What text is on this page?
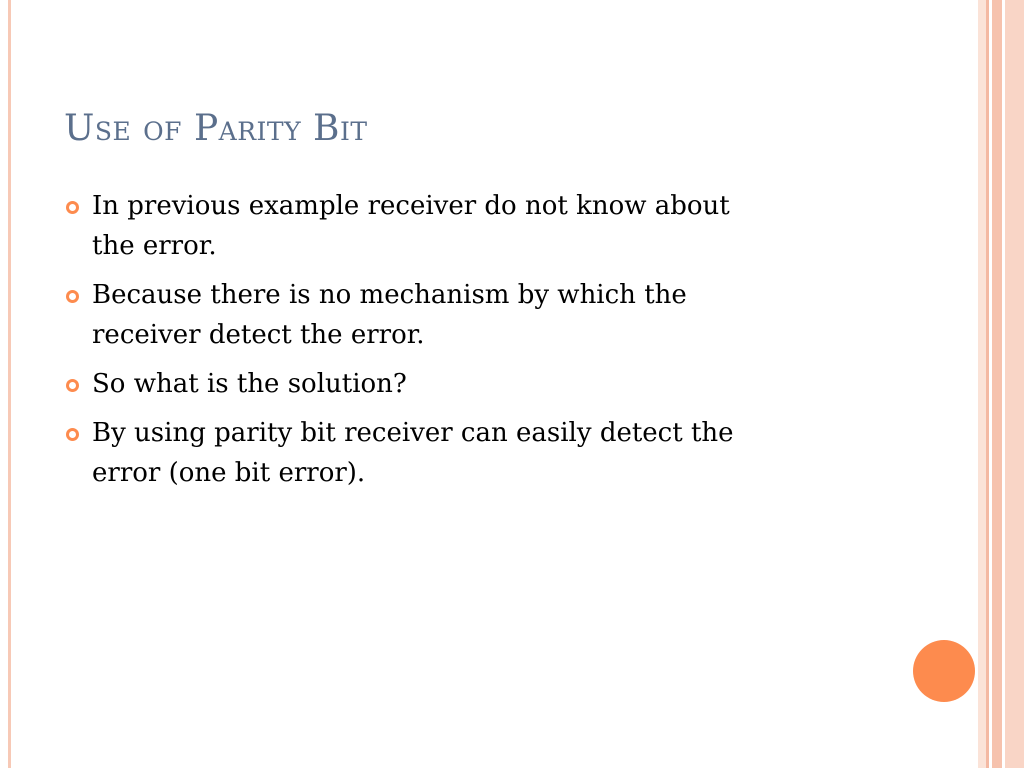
Use of Parity Bit
In previous example receiver do not know about
the error.
Because there is no mechanism by which the
receiver detect the error.
So what is the solution?
By using parity bit receiver can easily detect the
error (one bit error).
